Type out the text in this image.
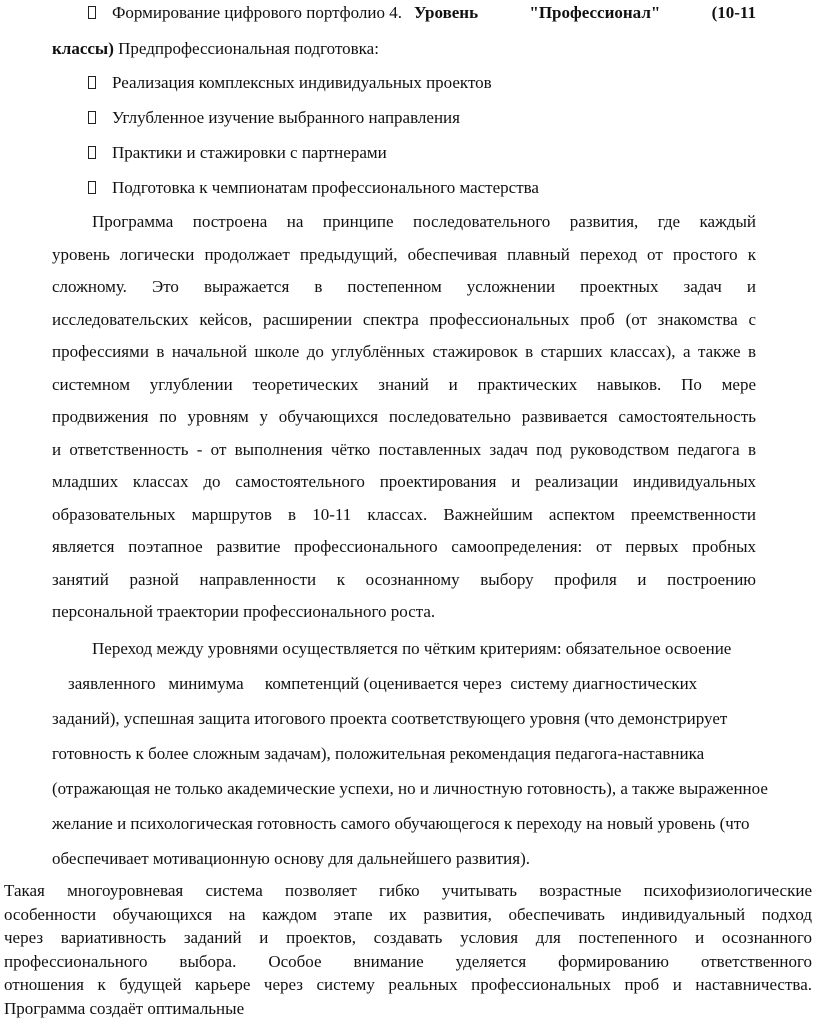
Формирование цифрового портфолио 4. Уровень	"Профессионал"	(10-11
классы) Предпрофессиональная подготовка:
Реализация комплексных индивидуальных проектов
Углубленное изучение выбранного направления
Практики и стажировки с партнерами
Подготовка к чемпионатам профессионального мастерства
Программа построена на принципе последовательного развития, где каждый
уровень логически продолжает предыдущий, обеспечивая плавный переход от простого к
сложному. Это выражается в постепенном усложнении проектных задач и
исследовательских кейсов, расширении спектра профессиональных проб (от знакомства с
профессиями в начальной школе до углублённых стажировок в старших классах), а также в
системном углублении теоретических знаний и практических навыков. По мере
продвижения по уровням у обучающихся последовательно развивается самостоятельность
и ответственность - от выполнения чётко поставленных задач под руководством педагога в
младших классах до самостоятельного проектирования и реализации индивидуальных
образовательных маршрутов в 10-11 классах. Важнейшим аспектом преемственности
является поэтапное развитие профессионального самоопределения: от первых пробных
занятий разной направленности к осознанному выбору профиля и построению
персональной траектории профессионального роста.
Переход между уровнями осуществляется по чётким критериям: обязательное освоение
заявленного   минимума     компетенций (оценивается через  систему диагностических
заданий), успешная защита итогового проекта соответствующего уровня (что демонстрирует
готовность к более сложным задачам), положительная рекомендация педагога-наставника
(отражающая не только академические успехи, но и личностную готовность), а также выраженное
желание и психологическая готовность самого обучающегося к переходу на новый уровень (что
обеспечивает мотивационную основу для дальнейшего развития).
Такая многоуровневая система позволяет гибко учитывать возрастные психофизиологические
особенности обучающихся на каждом этапе их развития, обеспечивать индивидуальный подход
через вариативность заданий и проектов, создавать условия для постепенного и осознанного
профессионального выбора. Особое внимание уделяется формированию ответственного
отношения к будущей карьере через систему реальных профессиональных проб и наставничества.
Программа создаёт оптимальные
